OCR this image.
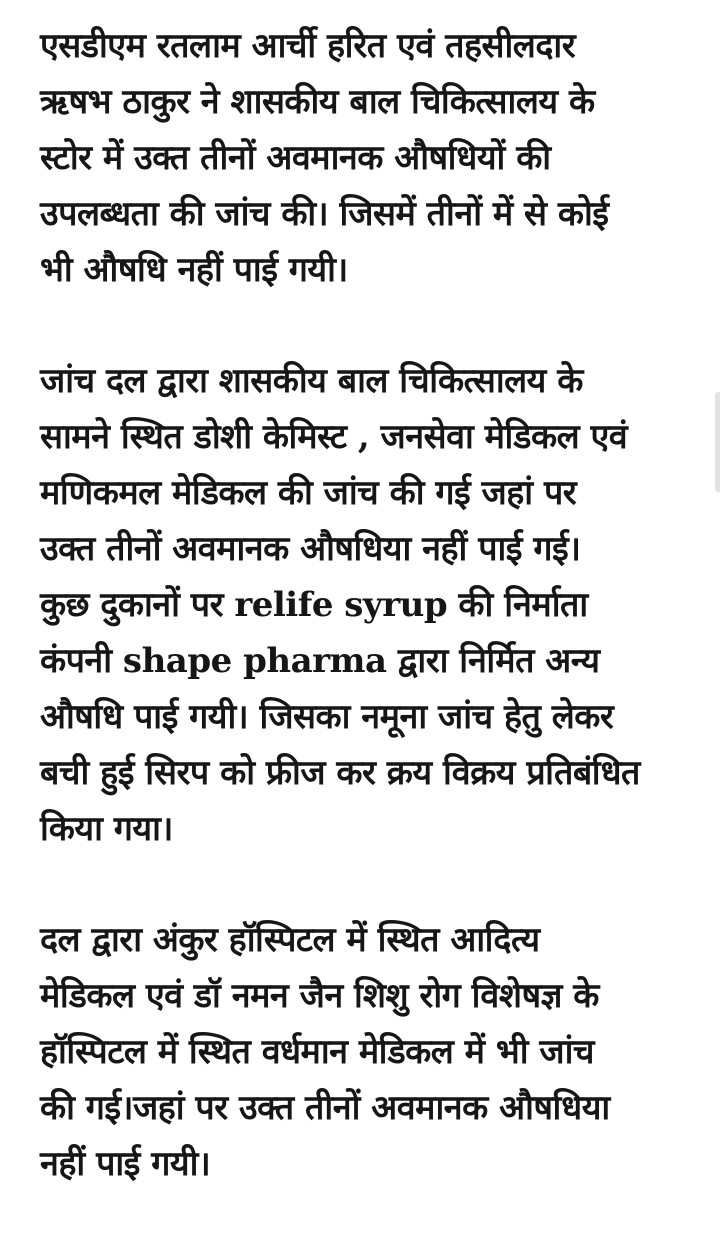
एसडीएम रतलाम आर्ची हरित एवं तहसीलदार
ऋषभ ठाकुर ने शासकीय बाल चिकित्सालय के
स्टोर में उक्त तीनों अवमानक औषधियों की
उपलब्धता की जांच की। जिसमें तीनों में से कोई
भी औषधि नहीं पाई गयी।

जांच दल द्वारा शासकीय बाल चिकित्सालय के
सामने स्थित डोशी केमिस्ट , जनसेवा मेडिकल एवं
मणिकमल मेडिकल की जांच की गई जहां पर
उक्त तीनों अवमानक औषधिया नहीं पाई गई।
कुछ दुकानों पर relife syrup की निर्माता
कंपनी shape pharma द्वारा निर्मित अन्य
औषधि पाई गयी। जिसका नमूना जांच हेतु लेकर
बची हुई सिरप को फ्रीज कर क्रय विक्रय प्रतिबंधित
किया गया।

दल द्वारा अंकुर हॉस्पिटल में स्थित आदित्य
मेडिकल एवं डॉ नमन जैन शिशु रोग विशेषज्ञ के
हॉस्पिटल में स्थित वर्धमान मेडिकल में भी जांच
की गई।जहां पर उक्त तीनों अवमानक औषधिया
नहीं पाई गयी।
